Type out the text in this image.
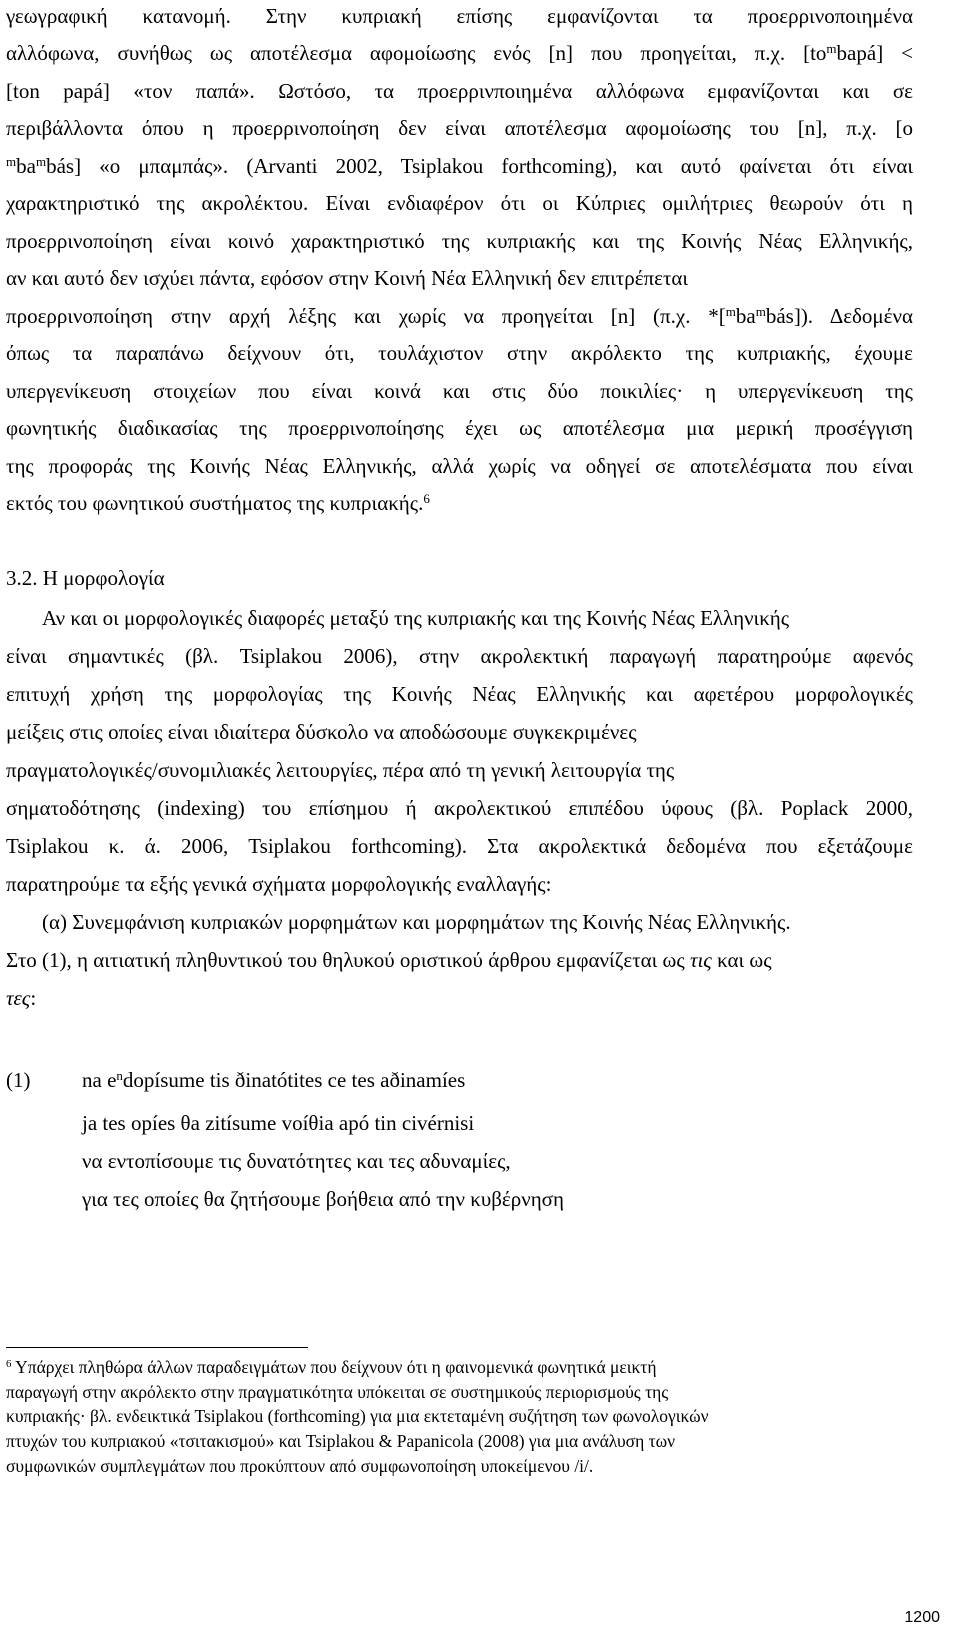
γεωγραφική κατανομή. Στην κυπριακή επίσης εμφανίζονται τα προερρινοποιημένα
αλλόφωνα, συνήθως ως αποτέλεσμα αφομοίωσης ενός [n] που προηγείται, π.χ. $[to^mbapá]$ <
[ton papá] «τον παπά». Ωστόσο, τα προερρινποιημένα αλλόφωνα εμφανίζονται και σε
περιβάλλοντα όπου η προερρινοποίηση δεν είναι αποτέλεσμα αφομοίωσης του [n], π.χ. [o
$^mba^mbás$] «ο μπαμπάς». (Arvanti 2002, Tsiplakou forthcoming), και αυτό φαίνεται ότι είναι
χαρακτηριστικό της ακρολέκτου. Είναι ενδιαφέρον ότι οι Κύπριες ομιλήτριες θεωρούν ότι η
προερρινοποίηση είναι κοινό χαρακτηριστικό της κυπριακής και της Κοινής Νέας Ελληνικής,
αν και αυτό δεν ισχύει πάντα, εφόσον στην Κοινή Νέα Ελληνική δεν επιτρέπεται
προερρινοποίηση στην αρχή λέξης και χωρίς να προηγείται [n] (π.χ. $*[^mba^mbás]$). Δεδομένα
όπως τα παραπάνω δείχνουν ότι, τουλάχιστον στην ακρόλεκτο της κυπριακής, έχουμε
υπεργενίκευση στοιχείων που είναι κοινά και στις δύο ποικιλίες· η υπεργενίκευση της
φωνητικής διαδικασίας της προερρινοποίησης έχει ως αποτέλεσμα μια μερική προσέγγιση
της προφοράς της Κοινής Νέας Ελληνικής, αλλά χωρίς να οδηγεί σε αποτελέσματα που είναι
εκτός του φωνητικού συστήματος της κυπριακής.$^6$
3.2. Η μορφολογία
Αν και οι μορφολογικές διαφορές μεταξύ της κυπριακής και της Κοινής Νέας Ελληνικής
είναι σημαντικές (βλ. Tsiplakou 2006), στην ακρολεκτική παραγωγή παρατηρούμε αφενός
επιτυχή χρήση της μορφολογίας της Κοινής Νέας Ελληνικής και αφετέρου μορφολογικές
μείξεις στις οποίες είναι ιδιαίτερα δύσκολο να αποδώσουμε συγκεκριμένες
πραγματολογικές/συνομιλιακές λειτουργίες, πέρα από τη γενική λειτουργία της
σηματοδότησης (indexing) του επίσημου ή ακρολεκτικού επιπέδου ύφους (βλ. Poplack 2000,
Tsiplakou κ. ά. 2006, Tsiplakou forthcoming). Στα ακρολεκτικά δεδομένα που εξετάζουμε
παρατηρούμε τα εξής γενικά σχήματα μορφολογικής εναλλαγής:
(α) Συνεμφάνιση κυπριακών μορφημάτων και μορφημάτων της Κοινής Νέας Ελληνικής.
Στο (1), η αιτιατική πληθυντικού του θηλυκού οριστικού άρθρου εμφανίζεται ως τις και ως
τες:
(1) na $e^ndopísume$ tis ðinatótites ce tes aðinamíes
ja tes opíes θa zitísume voíθia apó tin civérnisi
να εντοπίσουμε τις δυνατότητες και τες αδυναμίες,
για τες οποίες θα ζητήσουμε βοήθεια από την κυβέρνηση
$^6$ Υπάρχει πληθώρα άλλων παραδειγμάτων που δείχνουν ότι η φαινομενικά φωνητικά μεικτή
παραγωγή στην ακρόλεκτο στην πραγματικότητα υπόκειται σε συστημικούς περιορισμούς της
κυπριακής· βλ. ενδεικτικά Tsiplakou (forthcoming) για μια εκτεταμένη συζήτηση των φωνολογικών
πτυχών του κυπριακού «τσιτακισμού» και Tsiplakou & Papanicola (2008) για μια ανάλυση των
συμφωνικών συμπλεγμάτων που προκύπτουν από συμφωνοποίηση υποκείμενου /i/.
1200
